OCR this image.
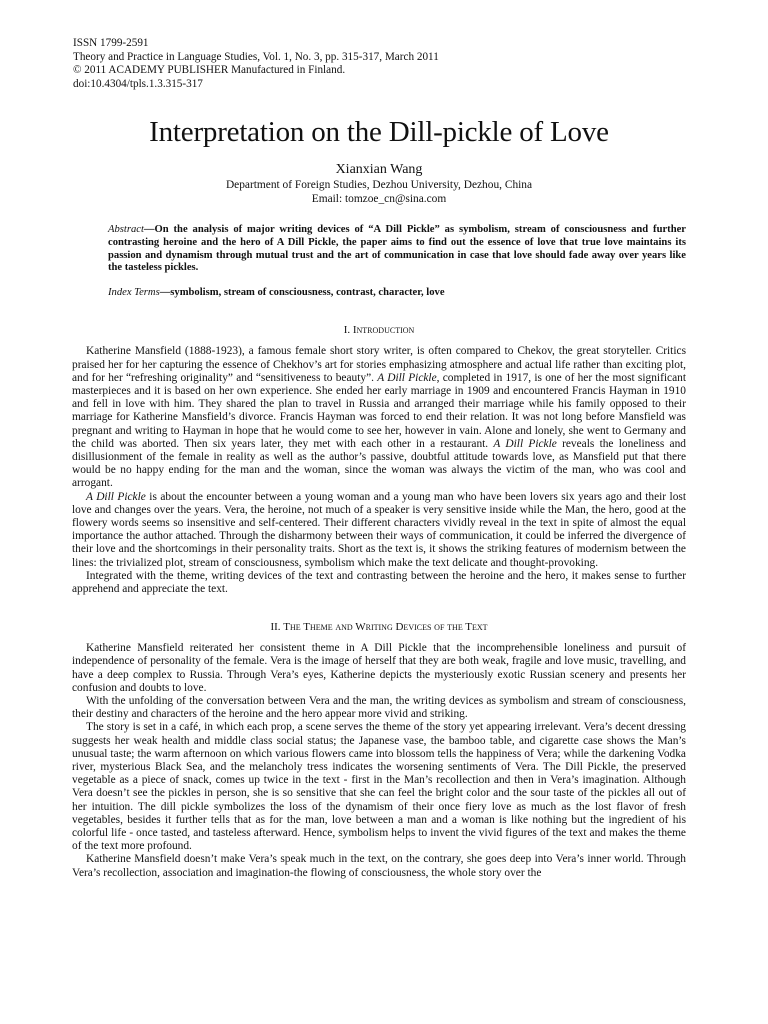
ISSN 1799-2591
Theory and Practice in Language Studies, Vol. 1, No. 3, pp. 315-317, March 2011
© 2011 ACADEMY PUBLISHER Manufactured in Finland.
doi:10.4304/tpls.1.3.315-317
Interpretation on the Dill-pickle of Love
Xianxian Wang
Department of Foreign Studies, Dezhou University, Dezhou, China
Email: tomzoe_cn@sina.com
Abstract—On the analysis of major writing devices of “A Dill Pickle” as symbolism, stream of consciousness and further contrasting heroine and the hero of A Dill Pickle, the paper aims to find out the essence of love that true love maintains its passion and dynamism through mutual trust and the art of communication in case that love should fade away over years like the tasteless pickles.
Index Terms—symbolism, stream of consciousness, contrast, character, love
I. Introduction

Katherine Mansfield (1888-1923), a famous female short story writer, is often compared to Chekov, the great storyteller. Critics praised her for her capturing the essence of Chekhov’s art for stories emphasizing atmosphere and actual life rather than exciting plot, and for her “refreshing originality” and “sensitiveness to beauty”. A Dill Pickle, completed in 1917, is one of her the most significant masterpieces and it is based on her own experience. She ended her early marriage in 1909 and encountered Francis Hayman in 1910 and fell in love with him. They shared the plan to travel in Russia and arranged their marriage while his family opposed to their marriage for Katherine Mansfield’s divorce. Francis Hayman was forced to end their relation. It was not long before Mansfield was pregnant and writing to Hayman in hope that he would come to see her, however in vain. Alone and lonely, she went to Germany and the child was aborted. Then six years later, they met with each other in a restaurant. A Dill Pickle reveals the loneliness and disillusionment of the female in reality as well as the author’s passive, doubtful attitude towards love, as Mansfield put that there would be no happy ending for the man and the woman, since the woman was always the victim of the man, who was cool and arrogant.

A Dill Pickle is about the encounter between a young woman and a young man who have been lovers six years ago and their lost love and changes over the years. Vera, the heroine, not much of a speaker is very sensitive inside while the Man, the hero, good at the flowery words seems so insensitive and self-centered. Their different characters vividly reveal in the text in spite of almost the equal importance the author attached. Through the disharmony between their ways of communication, it could be inferred the divergence of their love and the shortcomings in their personality traits. Short as the text is, it shows the striking features of modernism between the lines: the trivialized plot, stream of consciousness, symbolism which make the text delicate and thought-provoking.

Integrated with the theme, writing devices of the text and contrasting between the heroine and the hero, it makes sense to further apprehend and appreciate the text.

II. The Theme and Writing Devices of the Text

Katherine Mansfield reiterated her consistent theme in A Dill Pickle that the incomprehensible loneliness and pursuit of independence of personality of the female. Vera is the image of herself that they are both weak, fragile and love music, travelling, and have a deep complex to Russia. Through Vera’s eyes, Katherine depicts the mysteriously exotic Russian scenery and presents her confusion and doubts to love.

With the unfolding of the conversation between Vera and the man, the writing devices as symbolism and stream of consciousness, their destiny and characters of the heroine and the hero appear more vivid and striking.

The story is set in a café, in which each prop, a scene serves the theme of the story yet appearing irrelevant. Vera’s decent dressing suggests her weak health and middle class social status; the Japanese vase, the bamboo table, and cigarette case shows the Man’s unusual taste; the warm afternoon on which various flowers came into blossom tells the happiness of Vera; while the darkening Vodka river, mysterious Black Sea, and the melancholy tress indicates the worsening sentiments of Vera. The Dill Pickle, the preserved vegetable as a piece of snack, comes up twice in the text - first in the Man’s recollection and then in Vera’s imagination. Although Vera doesn’t see the pickles in person, she is so sensitive that she can feel the bright color and the sour taste of the pickles all out of her intuition. The dill pickle symbolizes the loss of the dynamism of their once fiery love as much as the lost flavor of fresh vegetables, besides it further tells that as for the man, love between a man and a woman is like nothing but the ingredient of his colorful life - once tasted, and tasteless afterward. Hence, symbolism helps to invent the vivid figures of the text and makes the theme of the text more profound.

Katherine Mansfield doesn’t make Vera’s speak much in the text, on the contrary, she goes deep into Vera’s inner world. Through Vera’s recollection, association and imagination-the flowing of consciousness, the whole story over the
